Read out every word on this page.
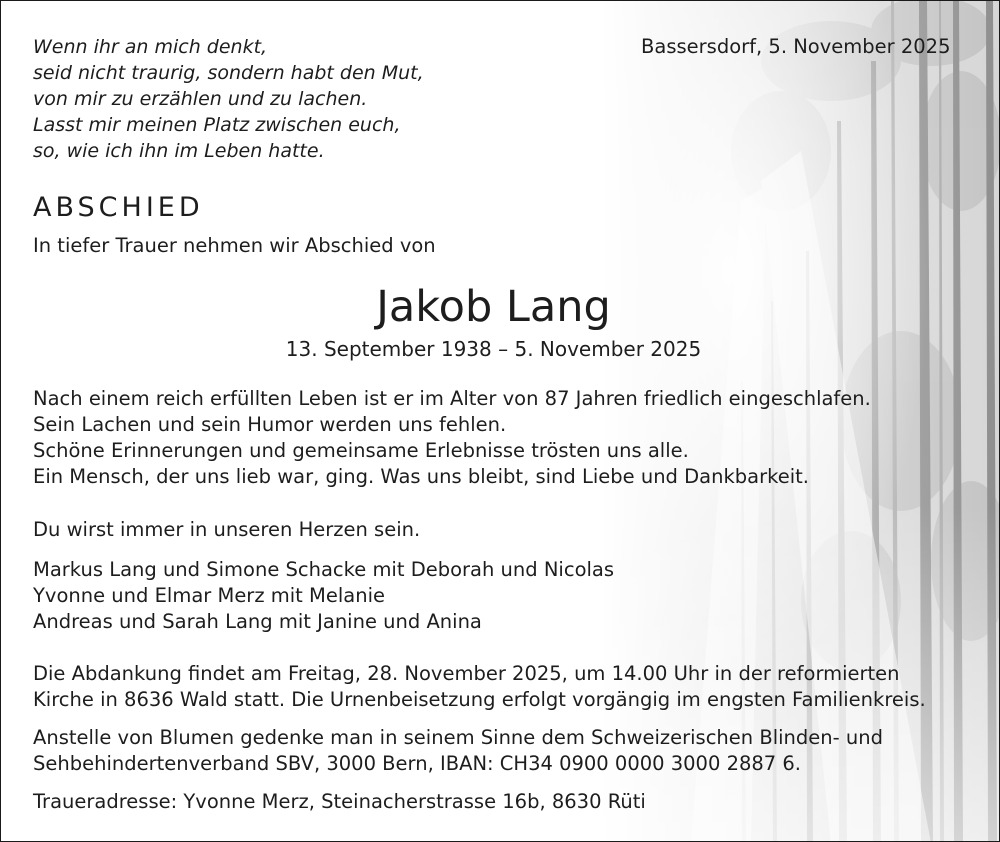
Wenn ihr an mich denkt,
seid nicht traurig, sondern habt den Mut,
von mir zu erzählen und zu lachen.
Lasst mir meinen Platz zwischen euch,
so, wie ich ihn im Leben hatte.
Bassersdorf, 5. November 2025
ABSCHIED
In tiefer Trauer nehmen wir Abschied von
Jakob Lang
13. September 1938 – 5. November 2025
Nach einem reich erfüllten Leben ist er im Alter von 87 Jahren friedlich eingeschlafen.
Sein Lachen und sein Humor werden uns fehlen.
Schöne Erinnerungen und gemeinsame Erlebnisse trösten uns alle.
Ein Mensch, der uns lieb war, ging. Was uns bleibt, sind Liebe und Dankbarkeit.
Du wirst immer in unseren Herzen sein.
Markus Lang und Simone Schacke mit Deborah und Nicolas
Yvonne und Elmar Merz mit Melanie
Andreas und Sarah Lang mit Janine und Anina
Die Abdankung findet am Freitag, 28. November 2025, um 14.00 Uhr in der reformierten
Kirche in 8636 Wald statt. Die Urnenbeisetzung erfolgt vorgängig im engsten Familienkreis.
Anstelle von Blumen gedenke man in seinem Sinne dem Schweizerischen Blinden- und
Sehbehindertenverband SBV, 3000 Bern, IBAN: CH34 0900 0000 3000 2887 6.
Traueradresse: Yvonne Merz, Steinacherstrasse 16b, 8630 Rüti
